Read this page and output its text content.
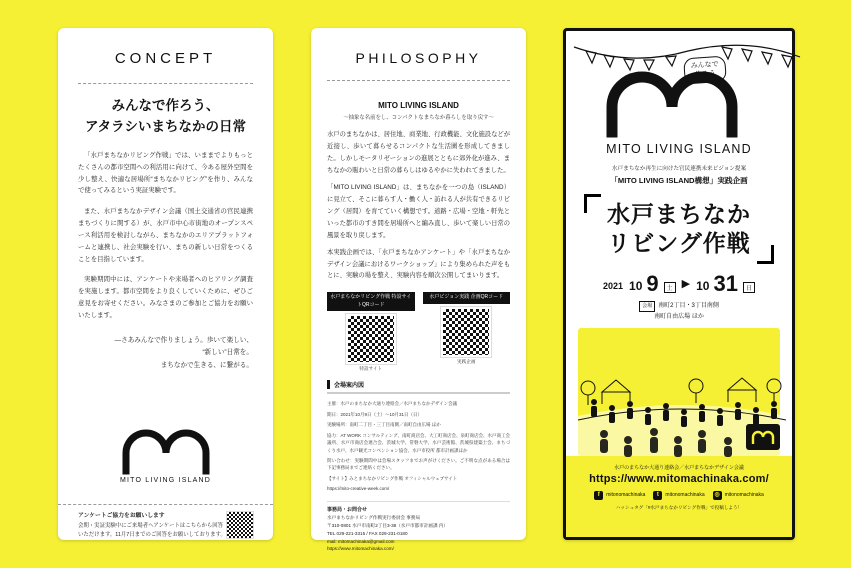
CONCEPT
みんなで作ろう、
アタラシいまちなかの日常
「水戸まちなかリビング作戦」では、いままでよりもっとたくさんの都市空間への利活用に向けて、今ある屋外空間を少し整え、快適な居場所“まちなかリビング”を作り、みんなで使ってみるという実証実験です。
また、水戸まちなかデザイン会議（国土交通省の官民連携まちづくりに関する）が、水戸市中心市街地のオープンスペース利活用を検討しながら、まちなかのエリアプラットフォームと連携し、社会実験を行い、まちの新しい日常をつくることを目指しています。
実験期間中には、アンケートや来場者へのヒアリング調査を実施します。都市空間をより良くしていくために、ぜひご意見をお寄せください。みなさまのご参加とご協力をお願いいたします。
—さあみんなで作りましょう。歩いて楽しい、
“新しい”日常を。
まちなかで生きる、に繋がる。
MITO LIVING ISLAND
アンケートご協力をお願いします
会期・実証実験中にご来場者へアンケートはこちらから回答いただけます。11月7日までのご回答をお願いしております。
PHILOSOPHY
MITO LIVING ISLAND
〜抽象な名前をし、コンパクトなまちなか暮らしを取り戻す〜
水戸のまちなかは、居住地、商業地、行政機能、文化施設などが近接し、歩いて暮らせるコンパクトな生活圏を形成してきました。しかしモータリゼーションの進展とともに郊外化が進み、まちなかの賑わいと日常の暮らしはゆるやかに失われてきました。
「MITO LIVING ISLAND」は、まちなかを一つの島（ISLAND）に見立て、そこに暮らす人・働く人・訪れる人が共有できるリビング（居間）を育てていく構想です。道路・広場・空地・軒先といった都市のすき間を居場所へと編み直し、歩いて楽しい日常の風景を取り戻します。
本実践企画では、「水戸まちなかアンケート」や「水戸まちなかデザイン会議におけるワークショップ」により集められた声をもとに、実験の場を整え、実験内容を順次公開してまいります。
水戸まちなかリビング作戦 特設サイトQRコード
特設サイト
水戸ビジョン実践 企画QRコード
実践企画
会場案内図

主催：水戸のまちなか大通り連絡会／水戸まちなかデザイン会議

期日：2021年10月9日（土）〜10月31日（日）

実験場所：南町二丁目・三丁目南側／南町自由広場 ほか

協力：AT WORK コンサルティング、南町商店会、大工町商店会、泉町商店会、水戸商工会議所、水戸市商店会連合会、茨城大学、常磐大学、水戸芸術館、茨城県建築士会、まちづくり水戸、水戸観光コンベンション協会、水戸市役所 都市計画課ほか

問い合わせ：実験期間中は会場スタッフまでお声がけください。ご不明な点がある場合は下記事務局までご連絡ください。

【サイト】みとまちなかリビング作戦 オフィシャルウェブサイト

https://mito-creative-week.com/

事務局・お問合せ
水戸まちなかリビング作戦実行委員会 事務局
〒310-0801 水戸市南町2丁目3-38（水戸市都市計画課 内）
TEL 029-221-3315 / FAX 029-231-0180
mail: mitomachinaka@gmail.com
https://www.mitomachinaka.com/
みんなで
作ろう
MITO LIVING ISLAND
水戸まちなか再生に向けた官民連携未来ビジョン提案
「MITO LIVING ISLAND構想」実践企画
水戸まちなか
リビング作戦
2021 10 9	土 ▶ 10 31	日
会場 南町2丁目・3丁目南側
南町自由広場 ほか
水戸のまちなか大通り連絡会／水戸まちなかデザイン会議
https://www.mitomachinaka.com/
f	mitonomachinaka	t	mitonomachinaka	◎ mitonomachinaka
ハッシュタグ「#水戸まちなかリビング作戦」で投稿しよう！
